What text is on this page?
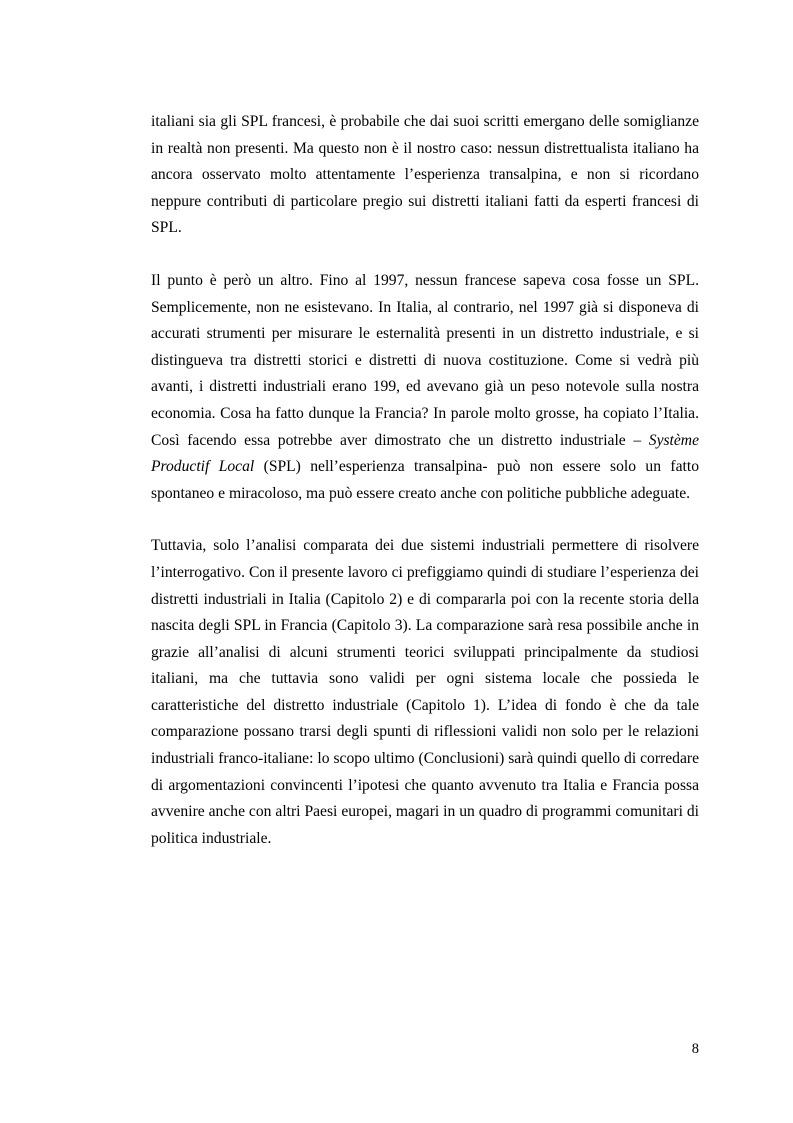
italiani sia gli SPL francesi, è probabile che dai suoi scritti emergano delle somiglianze in realtà non presenti. Ma questo non è il nostro caso: nessun distrettualista italiano ha ancora osservato molto attentamente l’esperienza transalpina, e non si ricordano neppure contributi di particolare pregio sui distretti italiani fatti da esperti francesi di SPL.

Il punto è però un altro. Fino al 1997, nessun francese sapeva cosa fosse un SPL. Semplicemente, non ne esistevano. In Italia, al contrario, nel 1997 già si disponeva di accurati strumenti per misurare le esternalità presenti in un distretto industriale, e si distingueva tra distretti storici e distretti di nuova costituzione. Come si vedrà più avanti, i distretti industriali erano 199, ed avevano già un peso notevole sulla nostra economia. Cosa ha fatto dunque la Francia? In parole molto grosse, ha copiato l’Italia. Così facendo essa potrebbe aver dimostrato che un distretto industriale – Système Productif Local (SPL) nell’esperienza transalpina- può non essere solo un fatto spontaneo e miracoloso, ma può essere creato anche con politiche pubbliche adeguate.

Tuttavia, solo l’analisi comparata dei due sistemi industriali permettere di risolvere l’interrogativo. Con il presente lavoro ci prefiggiamo quindi di studiare l’esperienza dei distretti industriali in Italia (Capitolo 2) e di compararla poi con la recente storia della nascita degli SPL in Francia (Capitolo 3). La comparazione sarà resa possibile anche in grazie all’analisi di alcuni strumenti teorici sviluppati principalmente da studiosi italiani, ma che tuttavia sono validi per ogni sistema locale che possieda le caratteristiche del distretto industriale (Capitolo 1). L’idea di fondo è che da tale comparazione possano trarsi degli spunti di riflessioni validi non solo per le relazioni industriali franco-italiane: lo scopo ultimo (Conclusioni) sarà quindi quello di corredare di argomentazioni convincenti l’ipotesi che quanto avvenuto tra Italia e Francia possa avvenire anche con altri Paesi europei, magari in un quadro di programmi comunitari di politica industriale.

8
